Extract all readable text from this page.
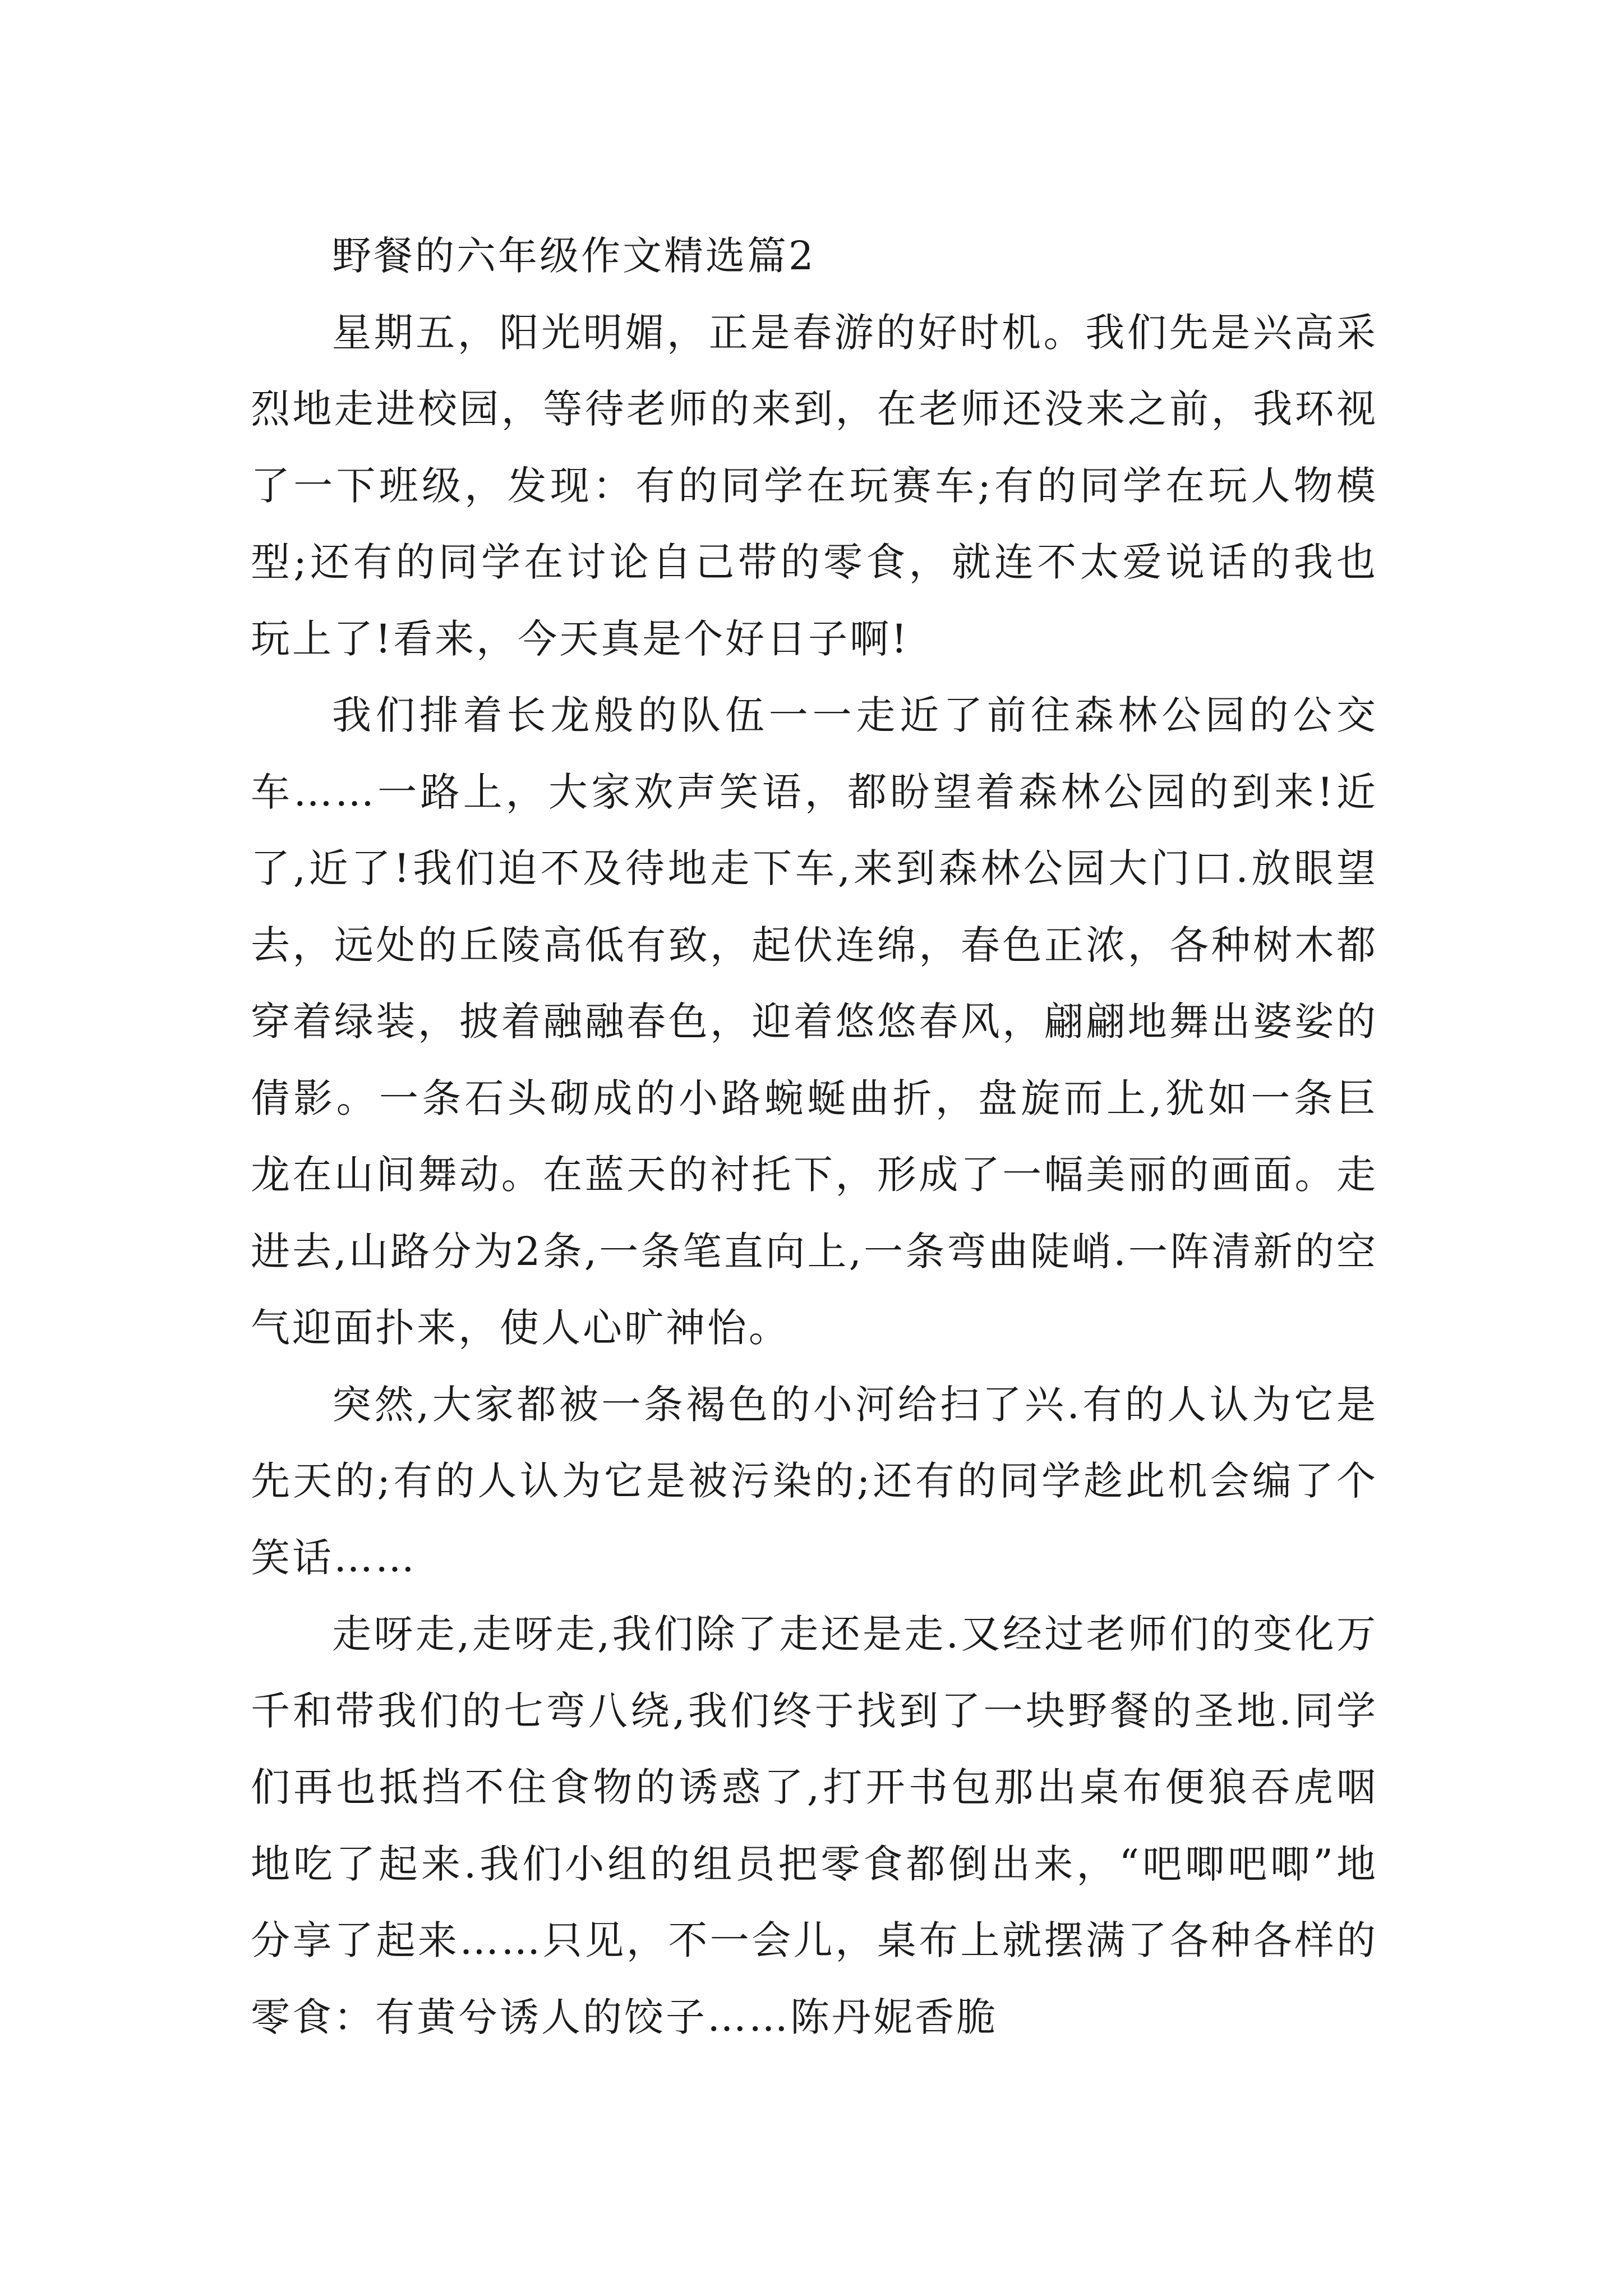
野餐的六年级作文精选篇2

星期五，阳光明媚，正是春游的好时机。我们先是兴高采烈地走进校园，等待老师的来到，在老师还没来之前，我环视了一下班级，发现：有的同学在玩赛车;有的同学在玩人物模型;还有的同学在讨论自己带的零食，就连不太爱说话的我也玩上了!看来，今天真是个好日子啊!

我们排着长龙般的队伍一一走近了前往森林公园的公交车……一路上，大家欢声笑语，都盼望着森林公园的到来!近了,近了!我们迫不及待地走下车,来到森林公园大门口.放眼望去，远处的丘陵高低有致，起伏连绵，春色正浓，各种树木都穿着绿装，披着融融春色，迎着悠悠春风，翩翩地舞出婆娑的倩影。一条石头砌成的小路蜿蜒曲折，盘旋而上,犹如一条巨龙在山间舞动。在蓝天的衬托下，形成了一幅美丽的画面。走进去,山路分为2条,一条笔直向上,一条弯曲陡峭.一阵清新的空气迎面扑来，使人心旷神怡。

突然,大家都被一条褐色的小河给扫了兴.有的人认为它是先天的;有的人认为它是被污染的;还有的同学趁此机会编了个笑话……

走呀走,走呀走,我们除了走还是走.又经过老师们的变化万千和带我们的七弯八绕,我们终于找到了一块野餐的圣地.同学们再也抵挡不住食物的诱惑了,打开书包那出桌布便狼吞虎咽地吃了起来.我们小组的组员把零食都倒出来，“吧唧吧唧”地分享了起来……只见，不一会儿，桌布上就摆满了各种各样的零食：有黄兮诱人的饺子……陈丹妮香脆
